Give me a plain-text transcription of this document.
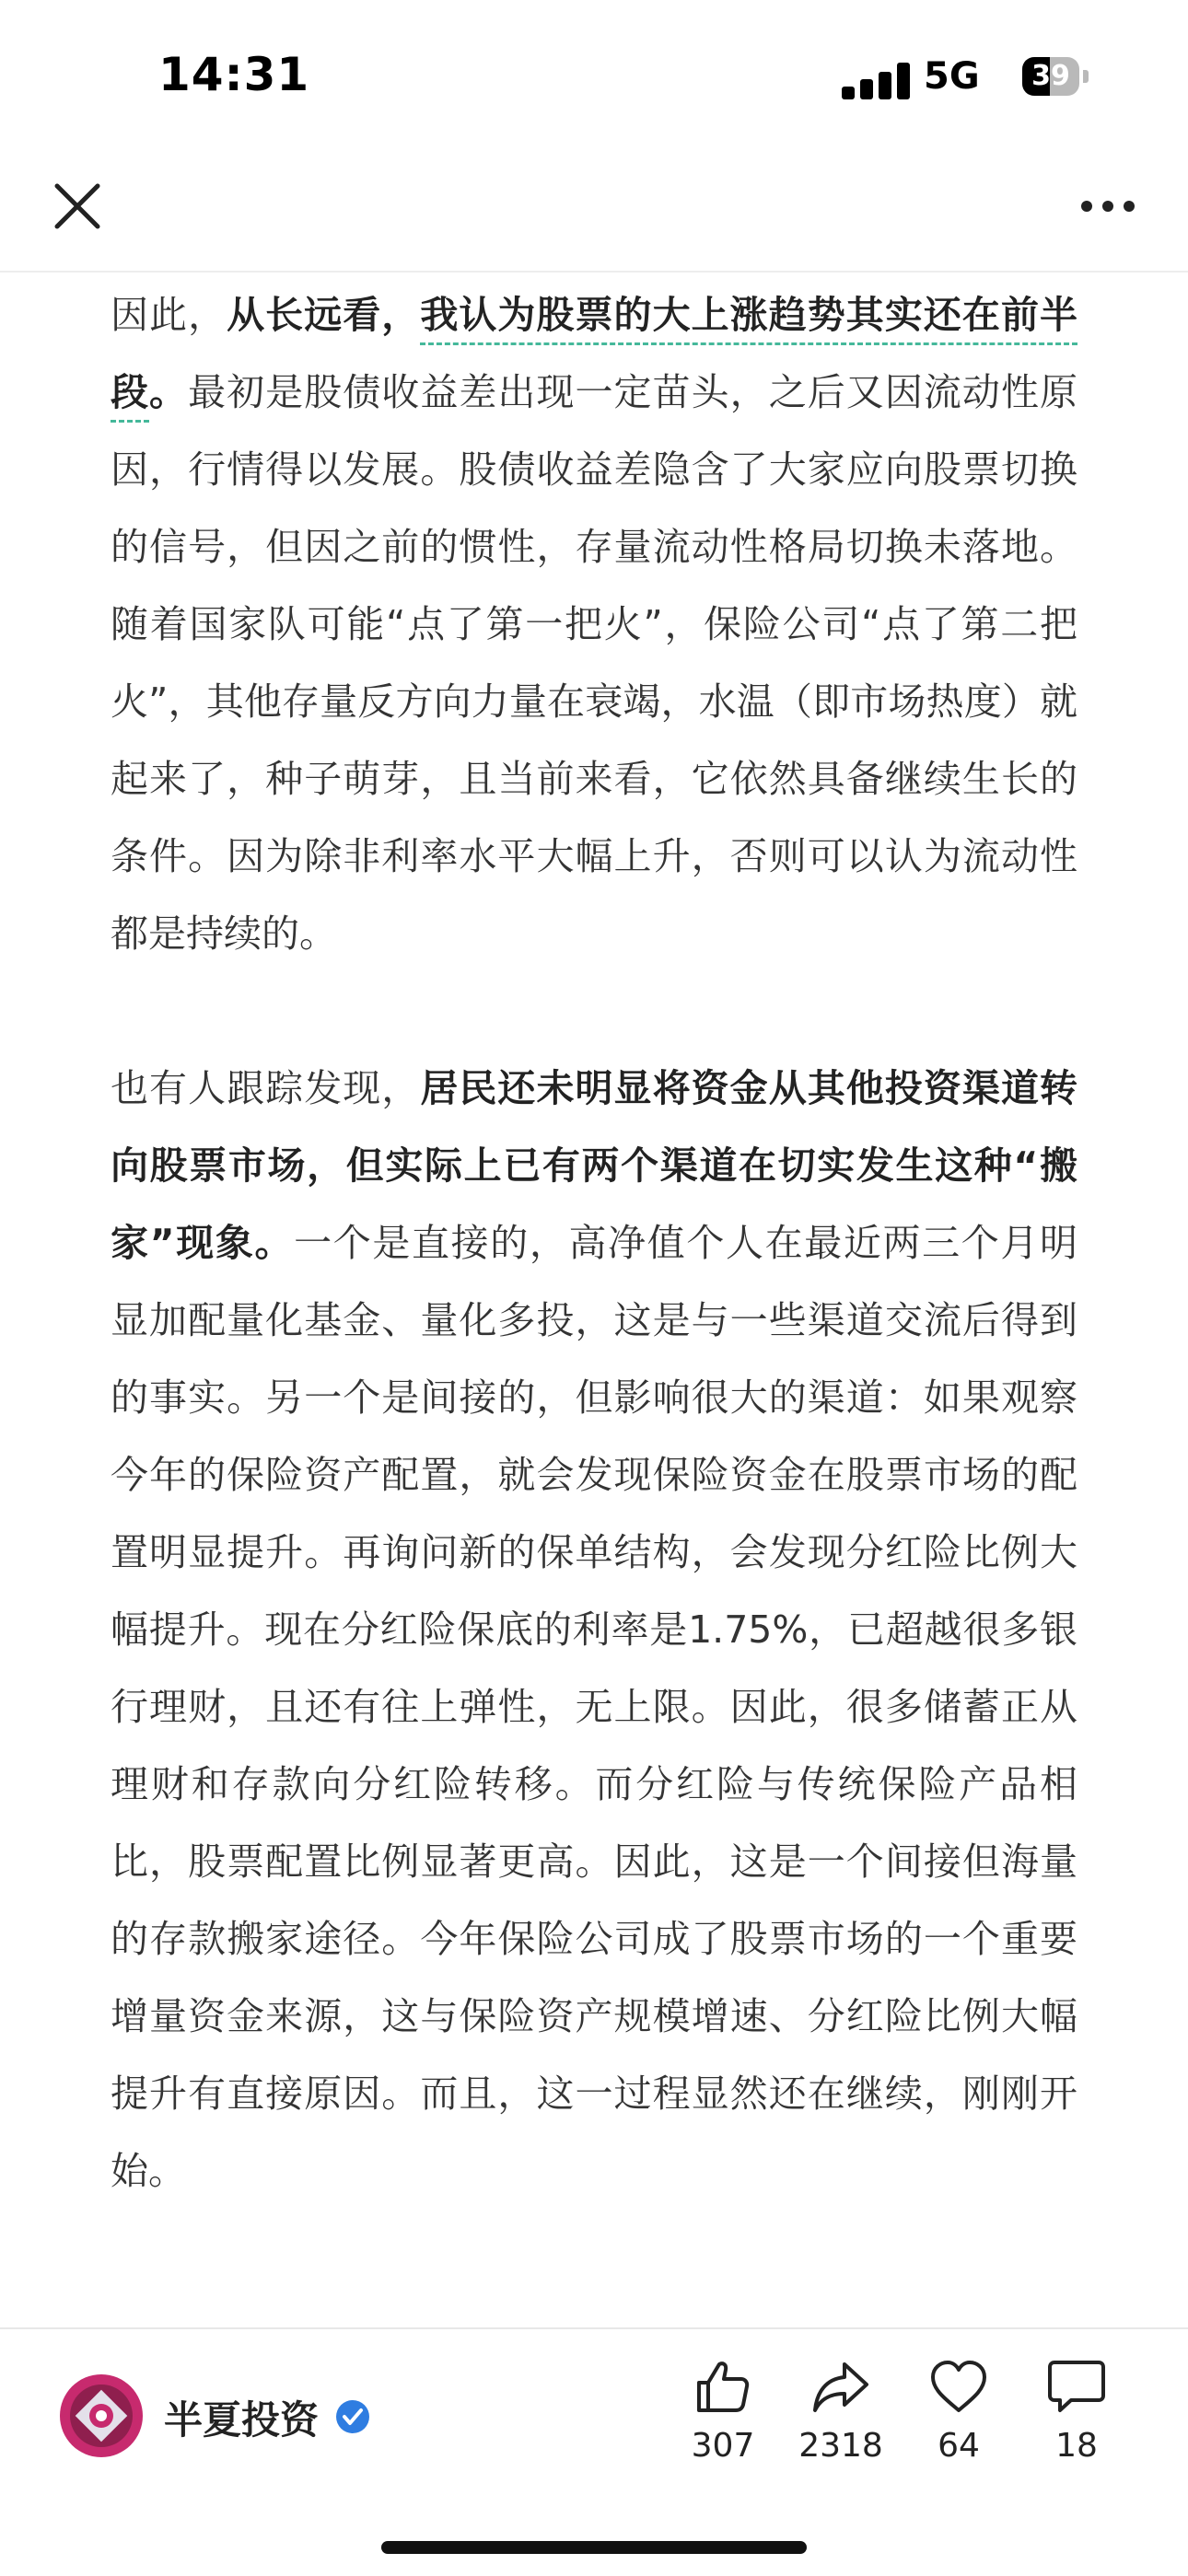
14:31	5G	39

因此，从长远看，我认为股票的大上涨趋势其实还在前半段。最初是股债收益差出现一定苗头，之后又因流动性原因，行情得以发展。股债收益差隐含了大家应向股票切换的信号，但因之前的惯性，存量流动性格局切换未落地。随着国家队可能“点了第一把火”，保险公司“点了第二把火”，其他存量反方向力量在衰竭，水温（即市场热度）就起来了，种子萌芽，且当前来看，它依然具备继续生长的条件。因为除非利率水平大幅上升，否则可以认为流动性都是持续的。

也有人跟踪发现，居民还未明显将资金从其他投资渠道转向股票市场，但实际上已有两个渠道在切实发生这种“搬家”现象。一个是直接的，高净值个人在最近两三个月明显加配量化基金、量化多投，这是与一些渠道交流后得到的事实。另一个是间接的，但影响很大的渠道：如果观察今年的保险资产配置，就会发现保险资金在股票市场的配置明显提升。再询问新的保单结构，会发现分红险比例大幅提升。现在分红险保底的利率是1.75%，已超越很多银行理财，且还有往上弹性，无上限。因此，很多储蓄正从理财和存款向分红险转移。而分红险与传统保险产品相比，股票配置比例显著更高。因此，这是一个间接但海量的存款搬家途径。今年保险公司成了股票市场的一个重要增量资金来源，这与保险资产规模增速、分红险比例大幅提升有直接原因。而且，这一过程显然还在继续，刚刚开始。

半夏投资
307	2318	64	18
